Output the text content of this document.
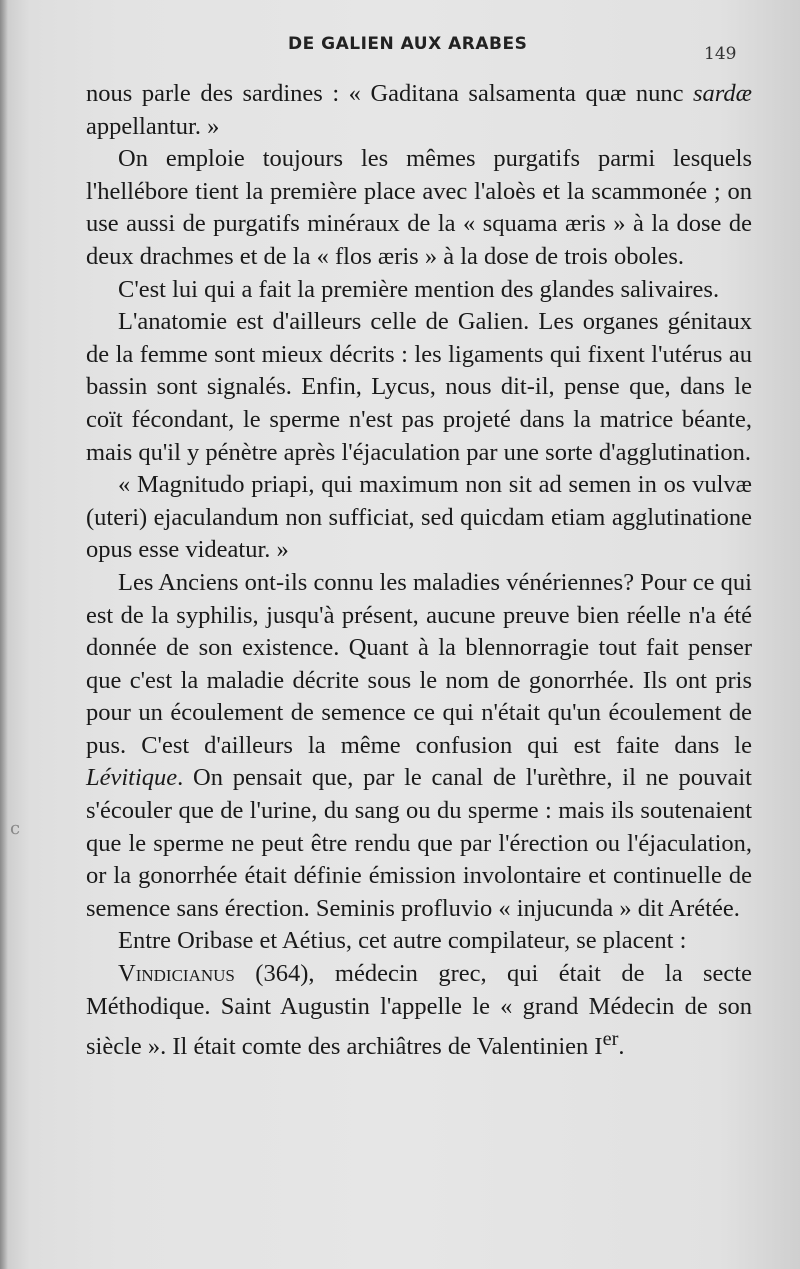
DE GALIEN AUX ARABES	149
c

nous parle des sardines : « Gaditana salsamenta quæ nunc sardæ appellantur. »

On emploie toujours les mêmes purgatifs parmi lesquels l'hellébore tient la première place avec l'aloès et la scammonée ; on use aussi de purgatifs minéraux de la « squama æris » à la dose de deux drachmes et de la « flos æris » à la dose de trois oboles.

C'est lui qui a fait la première mention des glandes salivaires.

L'anatomie est d'ailleurs celle de Galien. Les organes génitaux de la femme sont mieux décrits : les ligaments qui fixent l'utérus au bassin sont signalés. Enfin, Lycus, nous dit-il, pense que, dans le coït fécondant, le sperme n'est pas projeté dans la matrice béante, mais qu'il y pénètre après l'éjaculation par une sorte d'agglutination.

« Magnitudo priapi, qui maximum non sit ad semen in os vulvæ (uteri) ejaculandum non sufficiat, sed quicdam etiam agglutinatione opus esse videatur. »

Les Anciens ont-ils connu les maladies vénériennes? Pour ce qui est de la syphilis, jusqu'à présent, aucune preuve bien réelle n'a été donnée de son existence. Quant à la blennorragie tout fait penser que c'est la maladie décrite sous le nom de gonorrhée. Ils ont pris pour un écoulement de semence ce qui n'était qu'un écoulement de pus. C'est d'ailleurs la même confusion qui est faite dans le Lévitique. On pensait que, par le canal de l'urèthre, il ne pouvait s'écouler que de l'urine, du sang ou du sperme : mais ils soutenaient que le sperme ne peut être rendu que par l'érection ou l'éjaculation, or la gonorrhée était définie émission involontaire et continuelle de semence sans érection. Seminis profluvio « injucunda » dit Arétée.

Entre Oribase et Aétius, cet autre compilateur, se placent :

Vindicianus (364), médecin grec, qui était de la secte Méthodique. Saint Augustin l'appelle le « grand Médecin de son siècle ». Il était comte des archiâtres de Valentinien Ier.
